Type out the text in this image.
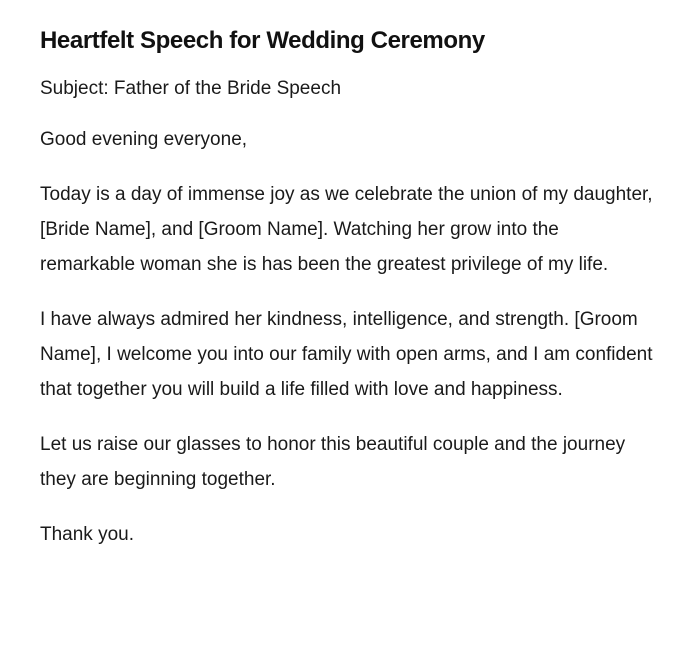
Heartfelt Speech for Wedding Ceremony

Subject: Father of the Bride Speech

Good evening everyone,

Today is a day of immense joy as we celebrate the union of my daughter, [Bride Name], and [Groom Name]. Watching her grow into the remarkable woman she is has been the greatest privilege of my life.

I have always admired her kindness, intelligence, and strength. [Groom Name], I welcome you into our family with open arms, and I am confident that together you will build a life filled with love and happiness.

Let us raise our glasses to honor this beautiful couple and the journey they are beginning together.

Thank you.
